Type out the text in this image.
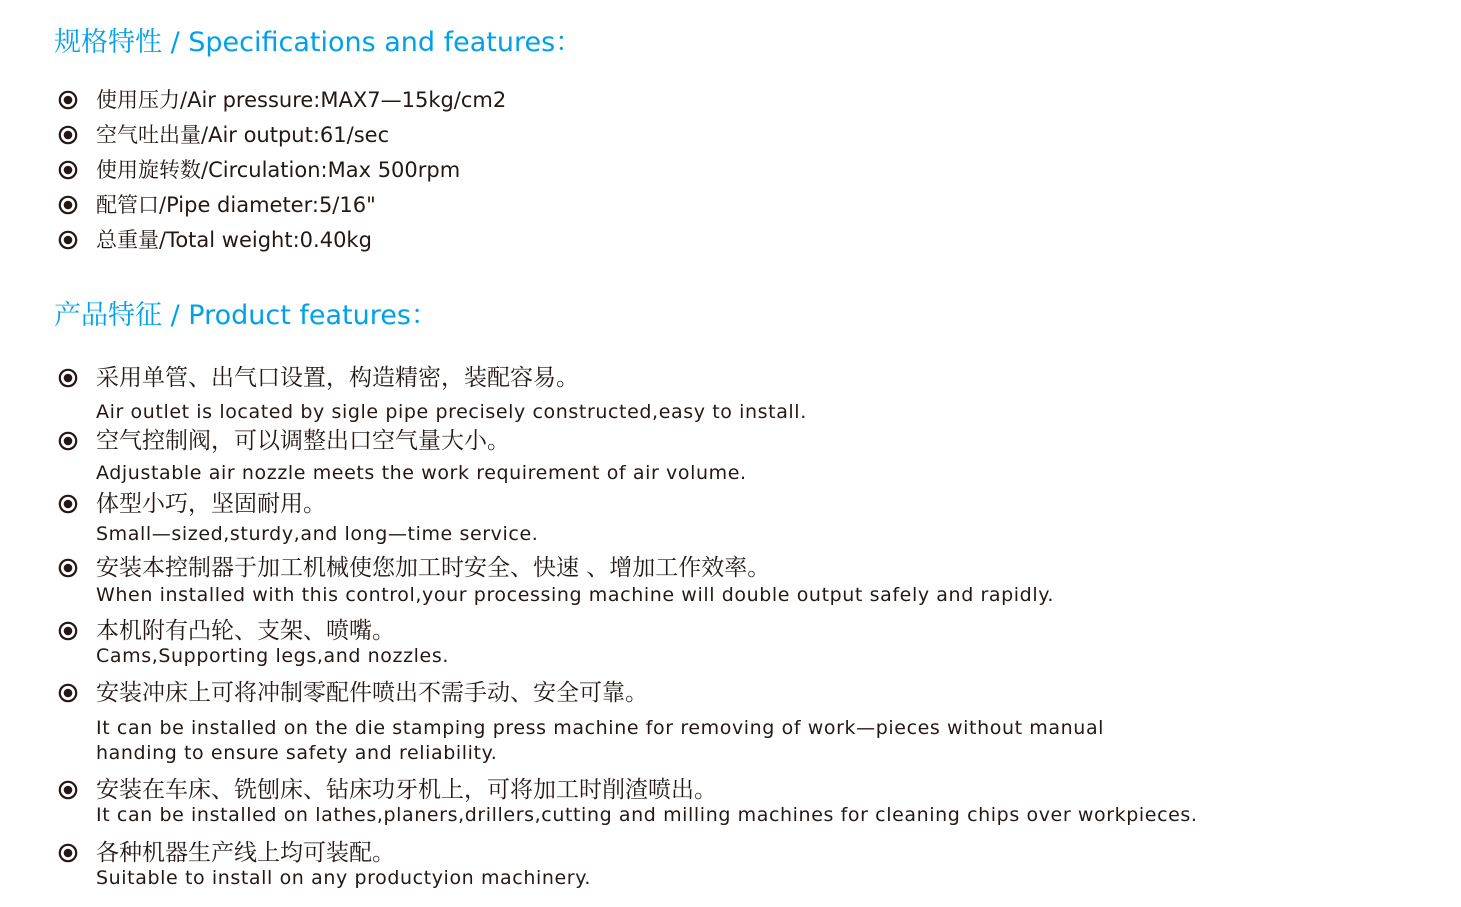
规格特性 / Specifications and features：
使用压力/Air pressure:MAX7—15kg/cm2
空气吐出量/Air output:61/sec
使用旋转数/Circulation:Max 500rpm
配管口/Pipe diameter:5/16"
总重量/Total weight:0.40kg
产品特征 / Product features：
采用单管、出气口设置，构造精密，装配容易。
Air outlet is located by sigle pipe precisely constructed,easy to install.
空气控制阀，可以调整出口空气量大小。
Adjustable air nozzle meets the work requirement of air volume.
体型小巧，坚固耐用。
Small—sized,sturdy,and long—time service.
安装本控制器于加工机械使您加工时安全、快速 、增加工作效率。
When installed with this control,your processing machine will double output safely and rapidly.
本机附有凸轮、支架、喷嘴。
Cams,Supporting legs,and nozzles.
安装冲床上可将冲制零配件喷出不需手动、安全可靠。
It can be installed on the die stamping press machine for removing of work—pieces without manual
handing to ensure safety and reliability.
安装在车床、铣刨床、钻床功牙机上，可将加工时削渣喷出。
It can be installed on lathes,planers,drillers,cutting and milling machines for cleaning chips over workpieces.
各种机器生产线上均可装配。
Suitable to install on any productyion machinery.
